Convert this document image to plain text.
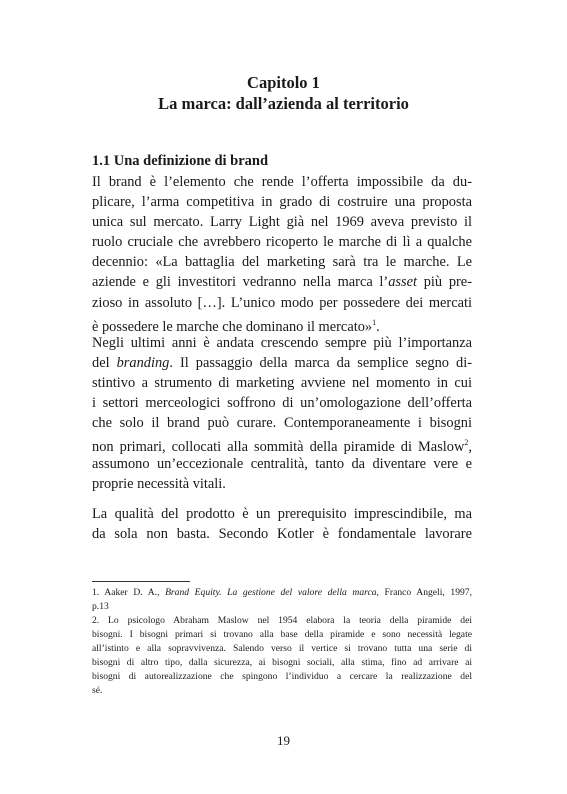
Capitolo 1
La marca: dall’azienda al territorio
1.1 Una definizione di brand
Il brand è l’elemento che rende l’offerta impossibile da du-
plicare, l’arma competitiva in grado di costruire una proposta
unica sul mercato. Larry Light già nel 1969 aveva previsto il
ruolo cruciale che avrebbero ricoperto le marche di lì a qualche
decennio: «La battaglia del marketing sarà tra le marche. Le
aziende e gli investitori vedranno nella marca l’asset più pre-
zioso in assoluto […]. L’unico modo per possedere dei mercati
è possedere le marche che dominano il mercato»$^1$.
Negli ultimi anni è andata crescendo sempre più l’importanza
del branding. Il passaggio della marca da semplice segno di-
stintivo a strumento di marketing avviene nel momento in cui
i settori merceologici soffrono di un’omologazione dell’offerta
che solo il brand può curare. Contemporaneamente i bisogni
non primari, collocati alla sommità della piramide di Maslow$^2$,
assumono un’eccezionale centralità, tanto da diventare vere e
proprie necessità vitali.
La qualità del prodotto è un prerequisito imprescindibile, ma
da sola non basta. Secondo Kotler è fondamentale lavorare
1. Aaker D. A., Brand Equity. La gestione del valore della marca, Franco Angeli, 1997,
p.13
2. Lo psicologo Abraham Maslow nel 1954 elabora la teoria della piramide dei
bisogni. I bisogni primari si trovano alla base della piramide e sono necessità legate
all’istinto e alla sopravvivenza. Salendo verso il vertice si trovano tutta una serie di
bisogni di altro tipo, dalla sicurezza, ai bisogni sociali, alla stima, fino ad arrivare ai
bisogni di autorealizzazione che spingono l’individuo a cercare la realizzazione del
sé.
19
